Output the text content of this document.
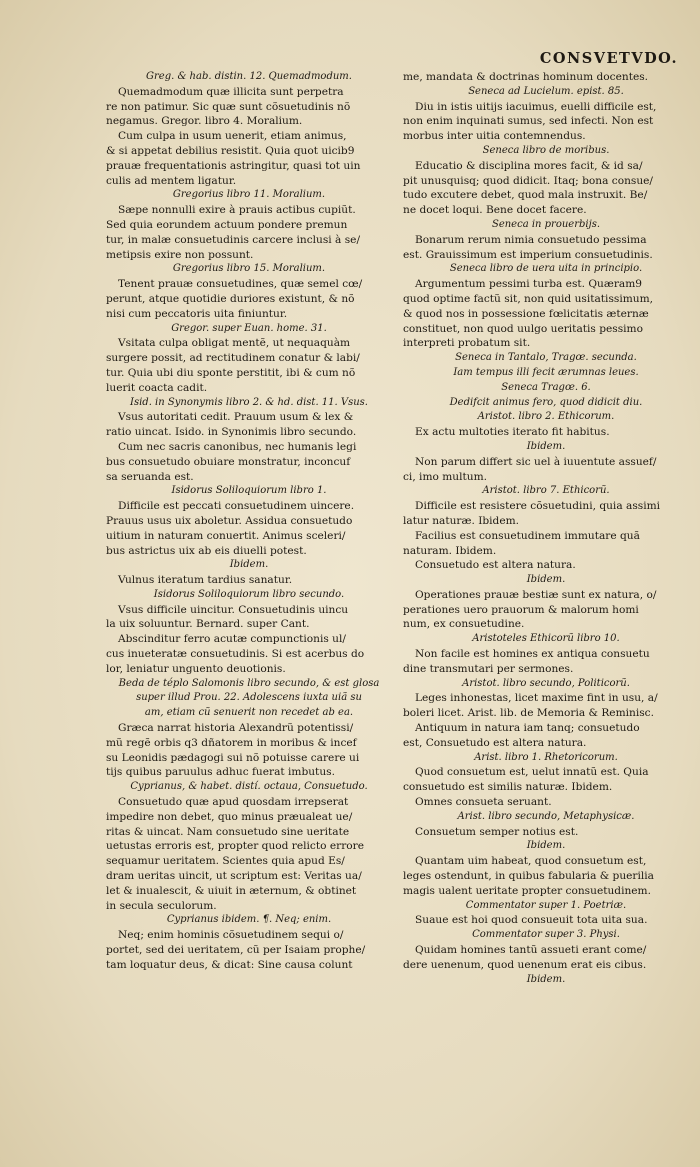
CONSVETVDO.

Greg. & hab. distin. 12. Quemadmodum.

Quemadmodum quæ illicita sunt perpetra

re non patimur. Sic quæ sunt cõsuetudinis nõ

negamus. Gregor. libro 4. Moralium.

Cum culpa in usum uenerit, etiam animus,

& si appetat debilius resistit. Quia quot uicib9

prauæ frequentationis astringitur, quasi tot uin

culis ad mentem ligatur.

Gregorius libro 11. Moralium.

Sæpe nonnulli exire à prauis actibus cupiũt.

Sed quia eorundem actuum pondere premun

tur, in malæ consuetudinis carcere inclusi à se/

metipsis exire non possunt.

Gregorius libro 15. Moralium.

Tenent prauæ consuetudines, quæ semel cœ/

perunt, atque quotidie duriores existunt, & nõ

nisi cum peccatoris uita finiuntur.

Gregor. super Euan. home. 31.

Vsitata culpa obligat mentẽ, ut nequaquàm

surgere possit, ad rectitudinem conatur & labi/

tur. Quia ubi diu sponte perstitit, ibi & cum nõ

luerit coacta cadit.

Isid. in Synonymis libro 2. & hd. dist. 11. Vsus.

Vsus autoritati cedit. Prauum usum & lex &

ratio uincat. Isido. in Synonimis libro secundo.

Cum nec sacris canonibus, nec humanis legi

bus consuetudo obuiare monstratur, inconcuf

sa seruanda est.

Isidorus Soliloquiorum libro 1.

Difficile est peccati consuetudinem uincere.

Prauus usus uix aboletur. Assidua consuetudo

uitium in naturam conuertit. Animus sceleri/

bus astrictus uix ab eis diuelli potest.

Ibidem.

Vulnus iteratum tardius sanatur.

Isidorus Soliloquiorum libro secundo.

Vsus difficile uincitur. Consuetudinis uincu

la uix soluuntur. Bernard. super Cant.

Abscinditur ferro acutæ compunctionis ul/

cus inueteratæ consuetudinis. Si est acerbus do

lor, leniatur unguento deuotionis.

Beda de téplo Salomonis libro secundo, & est glosa

super illud Prou. 22. Adolescens iuxta uiã su

am, etiam cũ senuerit non recedet ab ea.

Græca narrat historia Alexandrũ potentissi/

mũ regẽ orbis q3 dñatorem in moribus & incef

su Leonidis pædagogi sui nõ potuisse carere ui

tijs quibus paruulus adhuc fuerat imbutus.

Cyprianus, & habet. distí. octaua, Consuetudo.

Consuetudo quæ apud quosdam irrepserat

impedire non debet, quo minus præualeat ue/

ritas & uincat. Nam consuetudo sine ueritate

uetustas erroris est, propter quod relicto errore

sequamur ueritatem. Scientes quia apud Es/

dram ueritas uincit, ut scriptum est: Veritas ua/

let & inualescit, & uiuit in æternum, & obtinet

in secula seculorum.

Cyprianus ibidem. ¶. Neq; enim.

Neq; enim hominis cõsuetudinem sequi o/

portet, sed dei ueritatem, cũ per Isaiam prophe/

tam loquatur deus, & dicat: Sine causa colunt

me, mandata & doctrinas hominum docentes.

Seneca ad Lucielum. epist. 85.

Diu in istis uitijs iacuimus, euelli difficile est,

non enim inquinati sumus, sed infecti. Non est

morbus inter uitia contemnendus.

Seneca libro de moribus.

Educatio & disciplina mores facit, & id sa/

pit unusquisq; quod didicit. Itaq; bona consue/

tudo excutere debet, quod mala instruxit. Be/

ne docet loqui. Bene docet facere.

Seneca in prouerbijs.

Bonarum rerum nimia consuetudo pessima

est. Grauissimum est imperium consuetudinis.

Seneca libro de uera uita in principio.

Argumentum pessimi turba est. Quæram9

quod optime factũ sit, non quid usitatissimum,

& quod nos in possessione fœlicitatis æternæ

constituet, non quod uulgo ueritatis pessimo

interpreti probatum sit.

Seneca in Tantalo, Tragœ. secunda.

Iam tempus illi fecit ærumnas leues.

Seneca Tragœ. 6.

Dedifcit animus fero, quod didicit diu.

Aristot. libro 2. Ethicorum.

Ex actu multoties iterato fit habitus.

Ibidem.

Non parum differt sic uel à iuuentute assuef/

ci, imo multum.

Aristot. libro 7. Ethicorũ.

Difficile est resistere cõsuetudini, quia assimi

latur naturæ. Ibidem.

Facilius est consuetudinem immutare quã

naturam. Ibidem.

Consuetudo est altera natura.

Ibidem.

Operationes prauæ bestiæ sunt ex natura, o/

perationes uero prauorum & malorum homi

num, ex consuetudine.

Aristoteles Ethicorũ libro 10.

Non facile est homines ex antiqua consuetu

dine transmutari per sermones.

Aristot. libro secundo, Politicorũ.

Leges inhonestas, licet maxime fint in usu, a/

boleri licet. Arist. lib. de Memoria & Reminisc.

Antiquum in natura iam tanq; consuetudo

est, Consuetudo est altera natura.

Arist. libro 1. Rhetoricorum.

Quod consuetum est, uelut innatũ est. Quia

consuetudo est similis naturæ. Ibidem.

Omnes consueta seruant.

Arist. libro secundo, Metaphysicæ.

Consuetum semper notius est.

Ibidem.

Quantam uim habeat, quod consuetum est,

leges ostendunt, in quibus fabularia & puerilia

magis ualent ueritate propter consuetudinem.

Commentator super 1. Poetriæ.

Suaue est hoi quod consueuit tota uita sua.

Commentator super 3. Physi.

Quidam homines tantũ assueti erant come/

dere uenenum, quod uenenum erat eis cibus.

Ibidem.
